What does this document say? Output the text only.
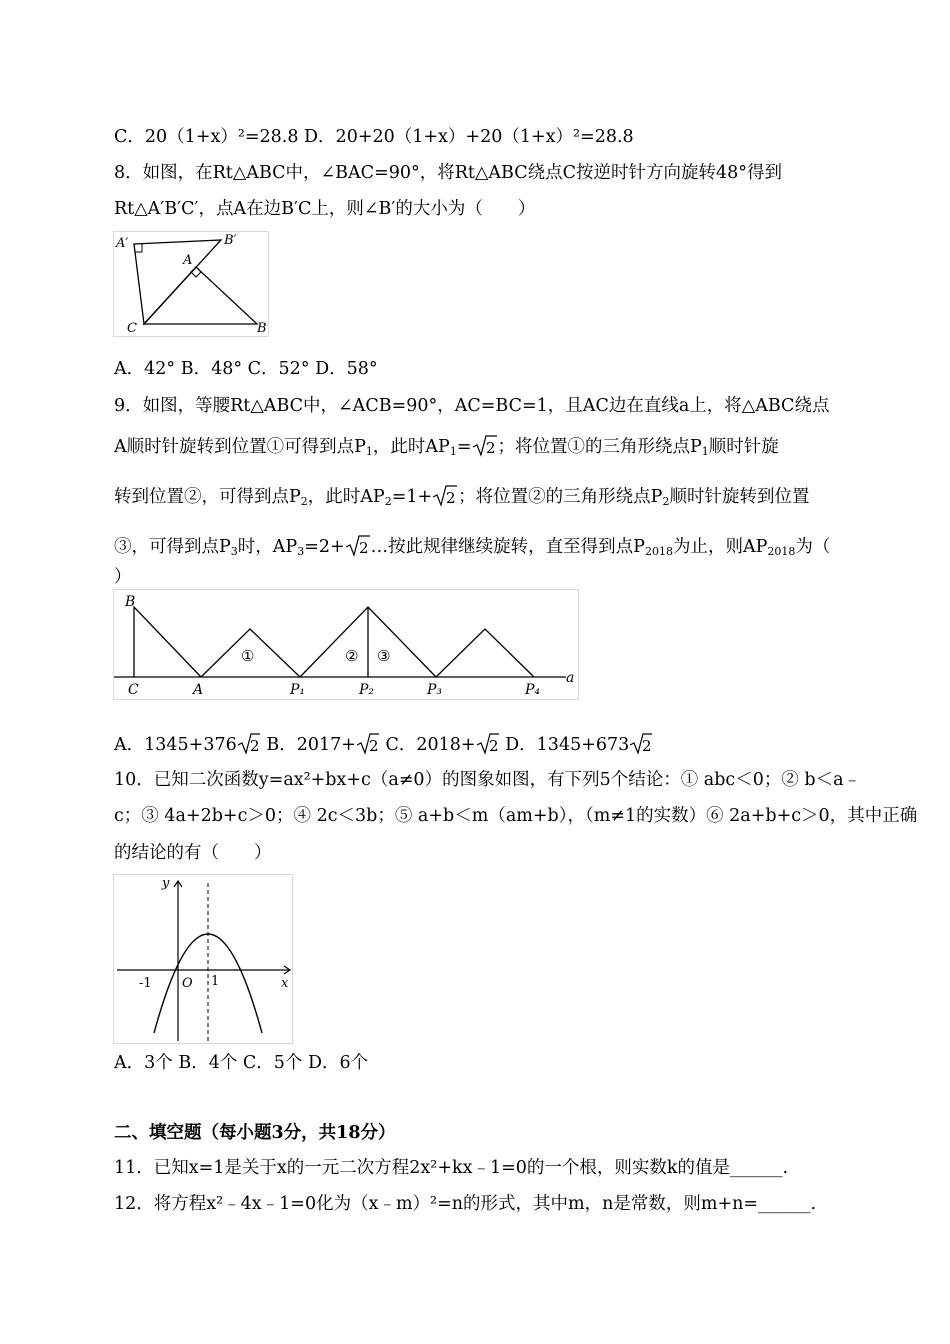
C．20（1+x）²=28.8 D．20+20（1+x）+20（1+x）²=28.8
8．如图，在Rt△ABC中，∠BAC=90°，将Rt△ABC绕点C按逆时针方向旋转48°得到
Rt△A′B′C′，点A在边B′C上，则∠B′的大小为（　　）
A′	B′
A
C	B
A．42° B．48° C．52° D．58°
9．如图，等腰Rt△ABC中，∠ACB=90°，AC=BC=1，且AC边在直线a上，将△ABC绕点
A顺时针旋转到位置①可得到点$P_1$，此时$AP_1= 2$ ；将位置①的三角形绕点$P_1$顺时针旋
转到位置②，可得到点$P_2$，此时$AP_2=1+ 2$ ；将位置②的三角形绕点$P_2$顺时针旋转到位置
③，可得到点$P_3$时，$AP_3=2+ 2$ …按此规律继续旋转，直至得到点$P_{2018}$为止，则$AP_{2018}$为（
）
B
C	A	P₁	P₂	P₃	P₄
a
①	② ③
A．1345+376 2 B．2017+ 2 C．2018+ 2 D．1345+673 2
10．已知二次函数y=ax²+bx+c（a≠0）的图象如图，有下列5个结论：① abc＜0；② b＜a﹣
c；③ 4a+2b+c＞0；④ 2c＜3b；⑤ a+b＜m（am+b），（m≠1的实数）⑥ 2a+b+c＞0，其中正确
的结论的有（　　）
y
x
O
-1	1
A．3个 B．4个 C．5个 D．6个
二、填空题（每小题3分，共18分）
11．已知x=1是关于x的一元二次方程2x²+kx﹣1=0的一个根，则实数k的值是______.
12．将方程x²﹣4x﹣1=0化为（x﹣m）²=n的形式，其中m，n是常数，则m+n=______.
